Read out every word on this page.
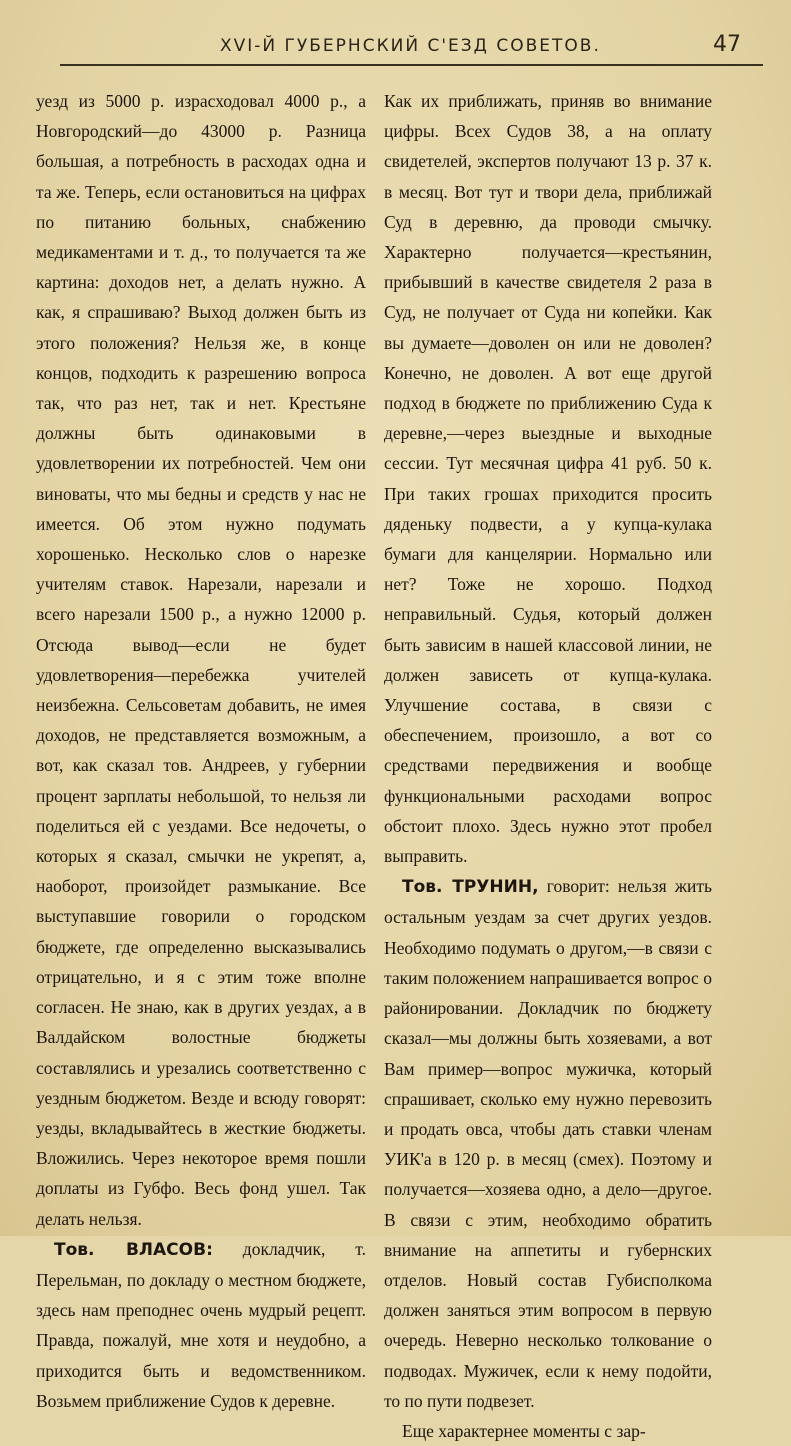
XVI-Й ГУБЕРНСКИЙ С'ЕЗД СОВЕТОВ.	47

уезд из 5000 р. израсходовал 4000 р., а Новгородский—до 43000 р. Разница большая, а потребность в расходах одна и та же. Теперь, если остановиться на цифрах по питанию больных, снабжению медикаментами и т. д., то получается та же картина: доходов нет, а делать нужно. А как, я спрашиваю? Выход должен быть из этого положения? Нельзя же, в конце концов, подходить к разрешению вопроса так, что раз нет, так и нет. Крестьяне должны быть одинаковыми в удовлетворении их потребностей. Чем они виноваты, что мы бедны и средств у нас не имеется. Об этом нужно подумать хорошенько. Несколько слов о нарезке учителям ставок. Нарезали, нарезали и всего нарезали 1500 р., а нужно 12000 р. Отсюда вывод—если не будет удовлетворения—перебежка учителей неизбежна. Сельсоветам добавить, не имея доходов, не представляется возможным, а вот, как сказал тов. Андреев, у губернии процент зарплаты небольшой, то нельзя ли поделиться ей с уездами. Все недочеты, о которых я сказал, смычки не укрепят, а, наоборот, произойдет размыкание. Все выступавшие говорили о городском бюджете, где определенно высказывались отрицательно, и я с этим тоже вполне согласен. Не знаю, как в других уездах, а в Валдайском волостные бюджеты составлялись и урезались соответственно с уездным бюджетом. Везде и всюду говорят: уезды, вкладывайтесь в жесткие бюджеты. Вложились. Через некоторое время пошли доплаты из Губфо. Весь фонд ушел. Так делать нельзя.

Тов. ВЛАСОВ: докладчик, т. Перельман, по докладу о местном бюджете, здесь нам преподнес очень мудрый рецепт. Правда, пожалуй, мне хотя и неудобно, а приходится быть и ведомственником. Возьмем приближение Судов к деревне.

Как их приближать, приняв во внимание цифры. Всех Судов 38, а на оплату свидетелей, экспертов получают 13 р. 37 к. в месяц. Вот тут и твори дела, приближай Суд в деревню, да проводи смычку. Характерно получается—крестьянин, прибывший в качестве свидетеля 2 раза в Суд, не получает от Суда ни копейки. Как вы думаете—доволен он или не доволен? Конечно, не доволен. А вот еще другой подход в бюджете по приближению Суда к деревне,—через выездные и выходные сессии. Тут месячная цифра 41 руб. 50 к. При таких грошах приходится просить дядeньку подвести, а у купца-кулака бумаги для канцелярии. Нормально или нет? Тоже не хорошо. Подход неправильный. Судья, который должен быть зависим в нашей классовой линии, не должен зависеть от купца-кулака. Улучшение состава, в связи с обеспечением, произошло, а вот со средствами передвижения и вообще функциональными расходами вопрос обстоит плохо. Здесь нужно этот пробел выправить.

Тов. ТРУНИН, говорит: нельзя жить остальным уездам за счет других уездов. Необходимо подумать о другом,—в связи с таким положением напрашивается вопрос о районировании. Докладчик по бюджету сказал—мы должны быть хозяевами, а вот Вам пример—вопрос мужичка, который спрашивает, сколько ему нужно перевозить и продать овса, чтобы дать ставки членам УИК'а в 120 р. в месяц (смех). Поэтому и получается—хозяева одно, а дело—другое. В связи с этим, необходимо обратить внимание на аппетиты и губернских отделов. Новый состав Губисполкома должен заняться этим вопросом в первую очередь. Неверно несколько толкование о подводах. Мужичек, если к нему подойти, то по пути подвезет.

Еще характернее моменты с зар-
